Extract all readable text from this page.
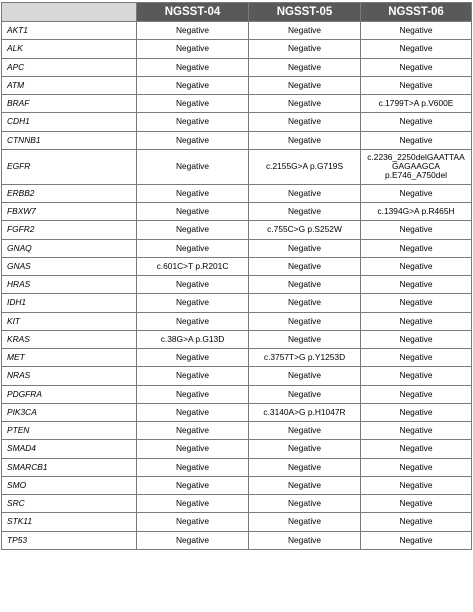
	NGSST-04	NGSST-05	NGSST-06
AKT1	Negative	Negative	Negative
ALK	Negative	Negative	Negative
APC	Negative	Negative	Negative
ATM	Negative	Negative	Negative
BRAF	Negative	Negative	c.1799T>A p.V600E
CDH1	Negative	Negative	Negative
CTNNB1	Negative	Negative	Negative
EGFR	Negative	c.2155G>A p.G719S	c.2236_2250delGAATTAAGAGAAGCA
p.E746_A750del

ERBB2	Negative	Negative	Negative
FBXW7	Negative	Negative	c.1394G>A p.R465H
FGFR2	Negative	c.755C>G p.S252W	Negative
GNAQ	Negative	Negative	Negative
GNAS	c.601C>T p.R201C	Negative	Negative
HRAS	Negative	Negative	Negative
IDH1	Negative	Negative	Negative
KIT	Negative	Negative	Negative
KRAS	c.38G>A p.G13D	Negative	Negative
MET	Negative	c.3757T>G p.Y1253D	Negative
NRAS	Negative	Negative	Negative
PDGFRA	Negative	Negative	Negative
PIK3CA	Negative	c.3140A>G p.H1047R	Negative
PTEN	Negative	Negative	Negative
SMAD4	Negative	Negative	Negative
SMARCB1	Negative	Negative	Negative
SMO	Negative	Negative	Negative
SRC	Negative	Negative	Negative
STK11	Negative	Negative	Negative
TP53	Negative	Negative	Negative
